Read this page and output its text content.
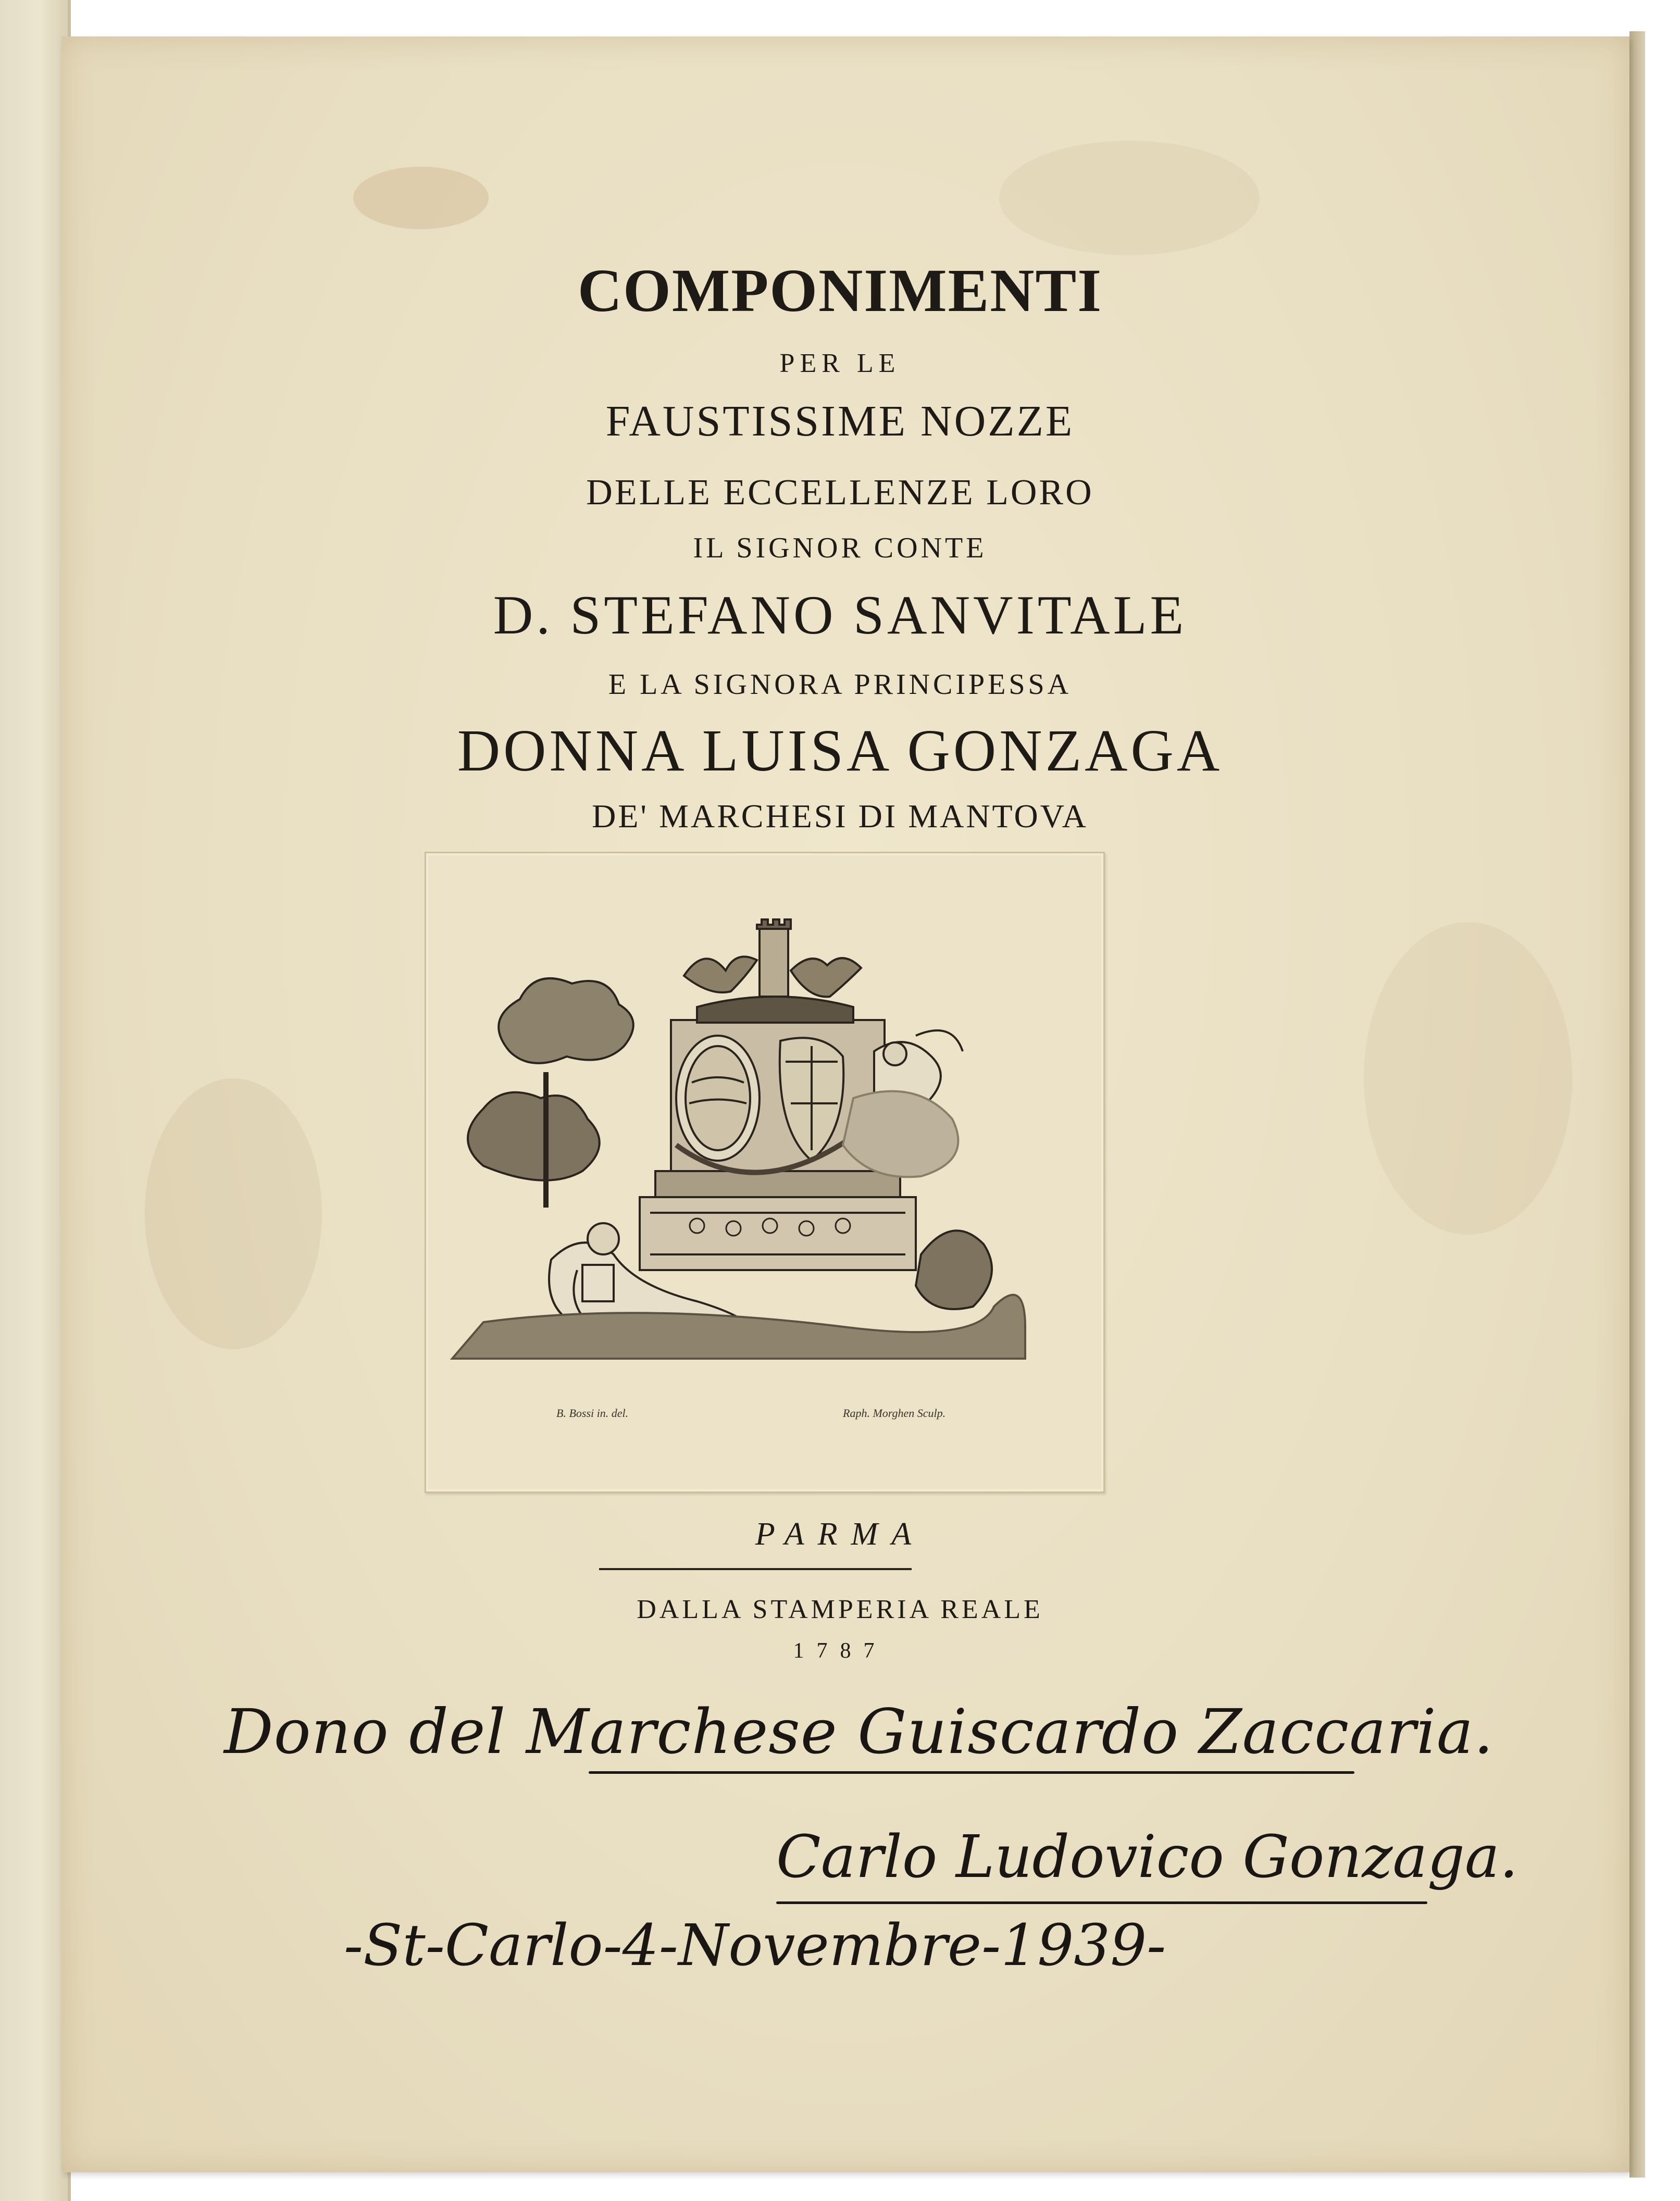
COMPONIMENTI
PER LE
FAUSTISSIME NOZZE
DELLE ECCELLENZE LORO
IL SIGNOR CONTE
D. STEFANO SANVITALE
E LA SIGNORA PRINCIPESSA
DONNA LUISA GONZAGA
DE' MARCHESI DI MANTOVA
B. Bossi in. del.	Raph. Morghen Sculp.
PARMA
DALLA STAMPERIA REALE
1787
Dono del Marchese Guiscardo Zaccaria.
Carlo Ludovico Gonzaga.
-St-Carlo-4-Novembre-1939-
